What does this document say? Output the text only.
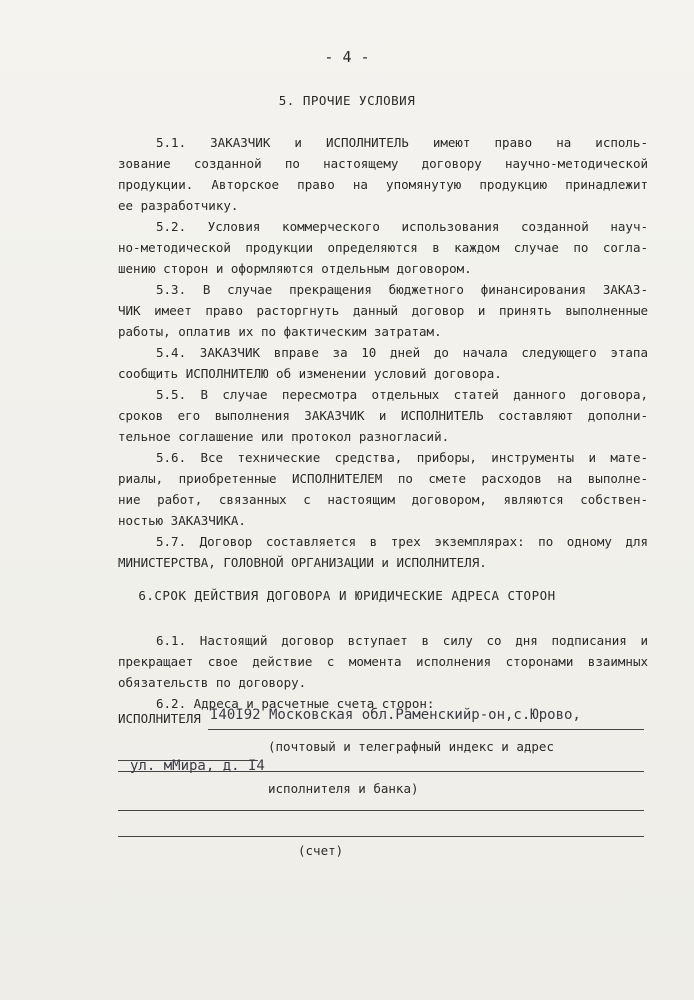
- 4 -
5. ПРОЧИЕ УСЛОВИЯ
5.1. ЗАКАЗЧИК и ИСПОЛНИТЕЛЬ имеют право на исполь-
зование созданной по настоящему договору научно-методической
продукции. Авторское право на упомянутую продукцию принадлежит
ее разработчику.
5.2. Условия коммерческого использования созданной науч-
но-методической продукции определяются в каждом случае по согла-
шению сторон и оформляются отдельным договором.
5.3. В случае прекращения бюджетного финансирования ЗАКАЗ-
ЧИК имеет право расторгнуть данный договор и принять выполненные
работы, оплатив их по фактическим затратам.
5.4. ЗАКАЗЧИК вправе за 10 дней до начала следующего этапа
сообщить ИСПОЛНИТЕЛЮ об изменении условий договора.
5.5. В случае пересмотра отдельных статей данного договора,
сроков его выполнения ЗАКАЗЧИК и ИСПОЛНИТЕЛЬ составляют дополни-
тельное соглашение или протокол разногласий.
5.6. Все технические средства, приборы, инструменты и мате-
риалы, приобретенные ИСПОЛНИТЕЛЕМ по смете расходов на выполне-
ние работ, связанных с настоящим договором, являются собствен-
ностью ЗАКАЗЧИКА.
5.7. Договор составляется в трех экземплярах: по одному для
МИНИСТЕРСТВА, ГОЛОВНОЙ ОРГАНИЗАЦИИ и ИСПОЛНИТЕЛЯ.
6.СРОК ДЕЙСТВИЯ ДОГОВОРА И ЮРИДИЧЕСКИЕ АДРЕСА СТОРОН
6.1. Настоящий договор вступает в силу со дня подписания и
прекращает свое действие с момента исполнения сторонами взаимных
обязательств по договору.
6.2. Адреса и расчетные счета сторон:
ИСПОЛНИТЕЛЯ I40I92 Московская обл.Раменскийр-он,с.Юрово,
(почтовый и телеграфный индекс и адрес
ул. мМира, д. I4
исполнителя и банка)
(счет)
